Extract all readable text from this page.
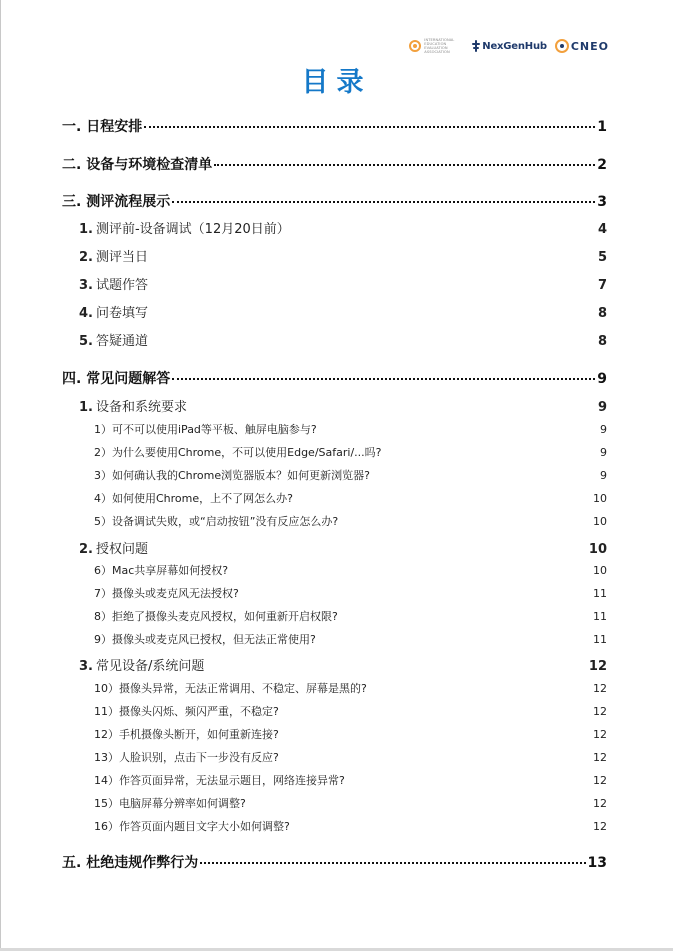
INTERNATIONAL EDUCATION EVALUATION ASSOCIATION
NexGenHub CNEO
目录
一. 日程安排	1
二. 设备与环境检查清单	2
三. 测评流程展示	3
1. 测评前-设备调试（12月20日前）	4
2. 测评当日	5
3. 试题作答	7
4. 问卷填写	8
5. 答疑通道	8
四. 常见问题解答	9
1. 设备和系统要求	9
1）可不可以使用iPad等平板、触屏电脑参与?	9
2）为什么要使用Chrome，不可以使用Edge/Safari/...吗?	9
3）如何确认我的Chrome浏览器版本？如何更新浏览器?	9
4）如何使用Chrome，上不了网怎么办?	10
5）设备调试失败，或“启动按钮”没有反应怎么办?	10
2. 授权问题	10
6）Mac共享屏幕如何授权?	10
7）摄像头或麦克风无法授权?	11
8）拒绝了摄像头麦克风授权，如何重新开启权限?	11
9）摄像头或麦克风已授权，但无法正常使用?	11
3. 常见设备/系统问题	12
10）摄像头异常，无法正常调用、不稳定、屏幕是黑的?	12
11）摄像头闪烁、频闪严重，不稳定?	12
12）手机摄像头断开，如何重新连接?	12
13）人脸识别，点击下一步没有反应?	12
14）作答页面异常，无法显示题目，网络连接异常?	12
15）电脑屏幕分辨率如何调整?	12
16）作答页面内题目文字大小如何调整?	12
五. 杜绝违规作弊行为	13
